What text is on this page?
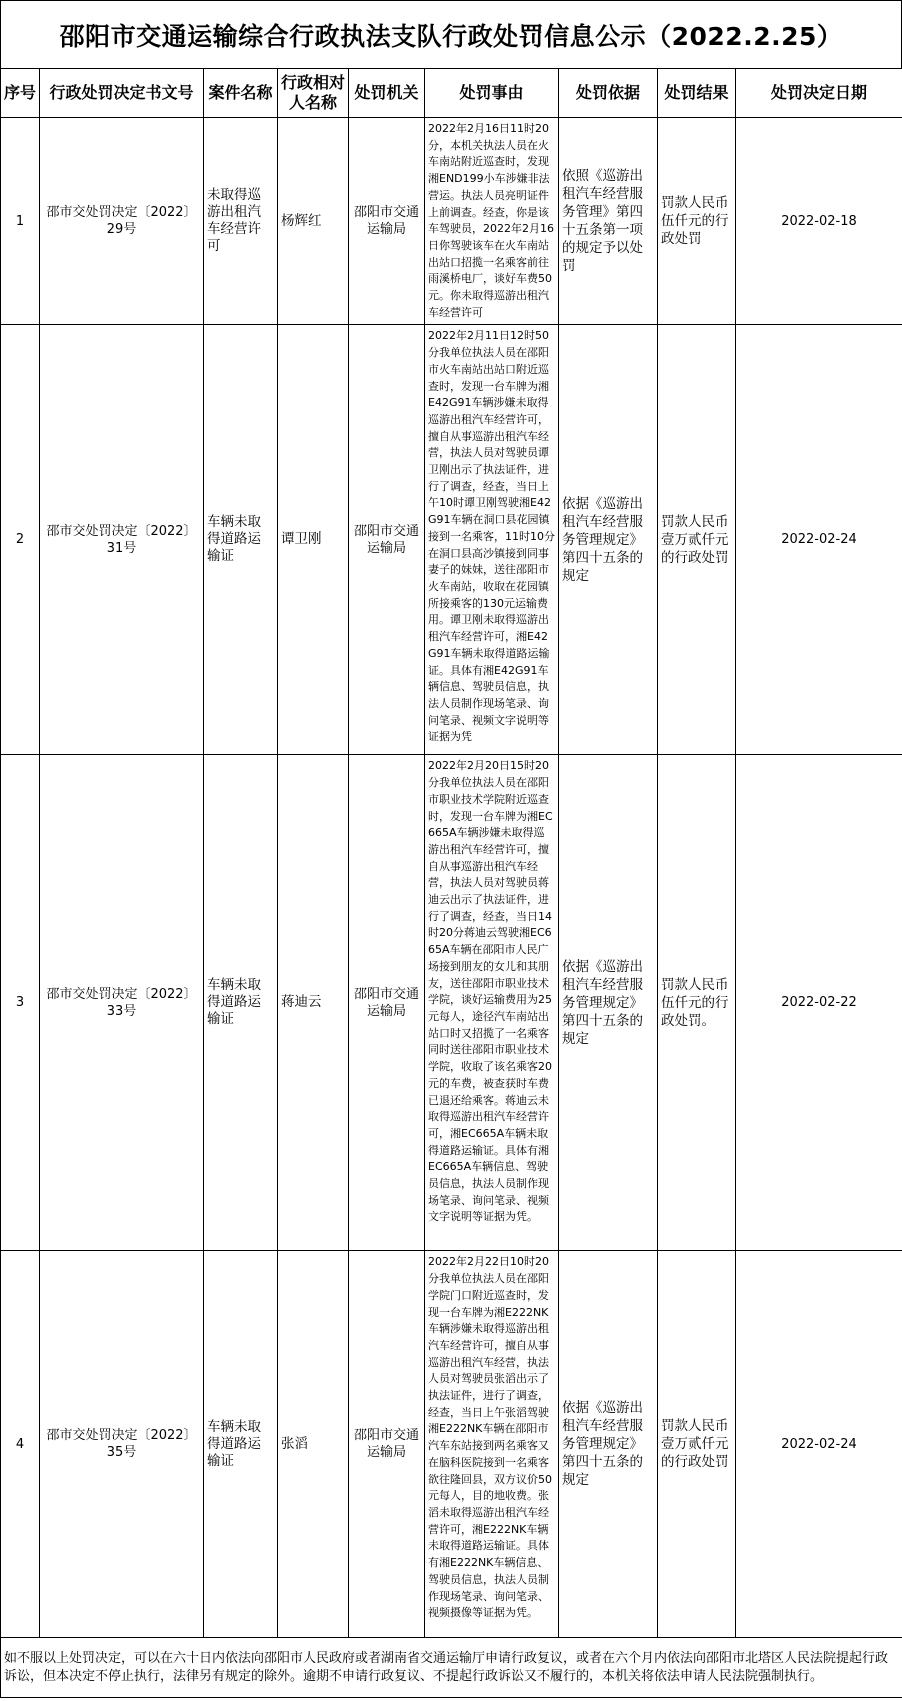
邵阳市交通运输综合行政执法支队行政处罚信息公示（2022.2.25）
序号	行政处罚决定书文号	案件名称	行政相对人名称	处罚机关	处罚事由	处罚依据	处罚结果	处罚决定日期
1	邵市交处罚决定〔2022〕29号	未取得巡游出租汽车经营许可	杨辉红	邵阳市交通运输局	2022年2月16日11时20分，本机关执法人员在火车南站附近巡查时，发现湘END199小车涉嫌非法营运。执法人员亮明证件上前调查。经查，你是该车驾驶员，2022年2月16日你驾驶该车在火车南站出站口招揽一名乘客前往雨溪桥电厂，谈好车费50元。你未取得巡游出租汽车经营许可	依照《巡游出租汽车经营服务管理》第四十五条第一项的规定予以处罚	罚款人民币伍仟元的行政处罚	2022-02-18
2	邵市交处罚决定〔2022〕31号	车辆未取得道路运输证	谭卫刚	邵阳市交通运输局	2022年2月11日12时50分我单位执法人员在邵阳市火车南站出站口附近巡查时，发现一台车牌为湘E42G91车辆涉嫌未取得巡游出租汽车经营许可，擅自从事巡游出租汽车经营，执法人员对驾驶员谭卫刚出示了执法证件，进行了调查，经查，当日上午10时谭卫刚驾驶湘E42G91车辆在洞口县花园镇接到一名乘客，11时10分在洞口县高沙镇接到同事妻子的妹妹，送往邵阳市火车南站，收取在花园镇所接乘客的130元运输费用。谭卫刚未取得巡游出租汽车经营许可，湘E42G91车辆未取得道路运输证。具体有湘E42G91车辆信息、驾驶员信息，执法人员制作现场笔录、询问笔录、视频文字说明等证据为凭	依据《巡游出租汽车经营服务管理规定》第四十五条的规定	罚款人民币壹万贰仟元的行政处罚	2022-02-24
3	邵市交处罚决定〔2022〕33号	车辆未取得道路运输证	蒋迪云	邵阳市交通运输局	2022年2月20日15时20分我单位执法人员在邵阳市职业技术学院附近巡查时，发现一台车牌为湘EC665A车辆涉嫌未取得巡游出租汽车经营许可，擅自从事巡游出租汽车经营，执法人员对驾驶员蒋迪云出示了执法证件，进行了调查，经查，当日14时20分蒋迪云驾驶湘EC665A车辆在邵阳市人民广场接到朋友的女儿和其朋友，送往邵阳市职业技术学院，谈好运输费用为25元每人，途径汽车南站出站口时又招揽了一名乘客同时送往邵阳市职业技术学院，收取了该名乘客20元的车费，被查获时车费已退还给乘客。蒋迪云未取得巡游出租汽车经营许可，湘EC665A车辆未取得道路运输证。具体有湘EC665A车辆信息、驾驶员信息，执法人员制作现场笔录、询问笔录、视频文字说明等证据为凭。	依据《巡游出租汽车经营服务管理规定》第四十五条的规定	罚款人民币伍仟元的行政处罚。	2022-02-22
4	邵市交处罚决定〔2022〕35号	车辆未取得道路运输证	张滔	邵阳市交通运输局	2022年2月22日10时20分我单位执法人员在邵阳学院门口附近巡查时，发现一台车牌为湘E222NK车辆涉嫌未取得巡游出租汽车经营许可，擅自从事巡游出租汽车经营，执法人员对驾驶员张滔出示了执法证件，进行了调查，经查，当日上午张滔驾驶湘E222NK车辆在邵阳市汽车东站接到两名乘客又在脑科医院接到一名乘客欲往隆回县，双方议价50元每人，目的地收费。张滔未取得巡游出租汽车经营许可，湘E222NK车辆未取得道路运输证。具体有湘E222NK车辆信息、驾驶员信息，执法人员制作现场笔录、询问笔录、视频摄像等证据为凭。	依据《巡游出租汽车经营服务管理规定》第四十五条的规定	罚款人民币壹万贰仟元的行政处罚	2022-02-24
如不服以上处罚决定，可以在六十日内依法向邵阳市人民政府或者湖南省交通运输厅申请行政复议，或者在六个月内依法向邵阳市北塔区人民法院提起行政诉讼，但本决定不停止执行，法律另有规定的除外。逾期不申请行政复议、不提起行政诉讼又不履行的，本机关将依法申请人民法院强制执行。								
